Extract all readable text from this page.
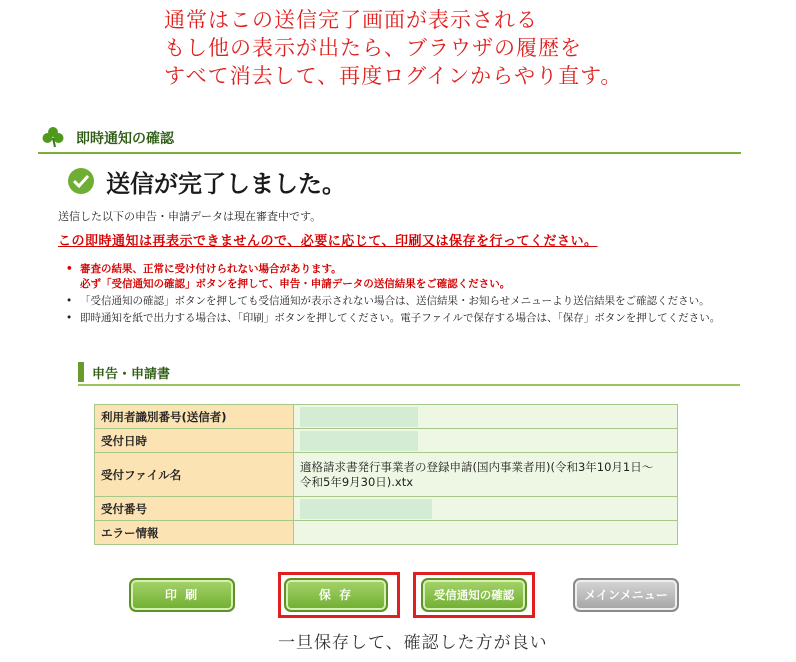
通常はこの送信完了画面が表示される
もし他の表示が出たら、ブラウザの履歴を
すべて消去して、再度ログインからやり直す。
即時通知の確認
送信が完了しました。
送信した以下の申告・申請データは現在審査中です。
この即時通知は再表示できませんので、必要に応じて、印刷又は保存を行ってください。
• 審査の結果、正常に受け付けられない場合があります。
必ず「受信通知の確認」ボタンを押して、申告・申請データの送信結果をご確認ください。
• 「受信通知の確認」ボタンを押しても受信通知が表示されない場合は、送信結果・お知らせメニューより送信結果をご確認ください。
• 即時通知を紙で出力する場合は、「印刷」ボタンを押してください。電子ファイルで保存する場合は、「保存」ボタンを押してください。
申告・申請書
利用者識別番号(送信者)	
受付日時	
受付ファイル名	適格請求書発行事業者の登録申請(国内事業者用)(令和3年10月1日～
令和5年9月30日).xtx

受付番号	
エラー情報	
印 刷	保 存	受信通知の確認	メインメニュー
一旦保存して、確認した方が良い
